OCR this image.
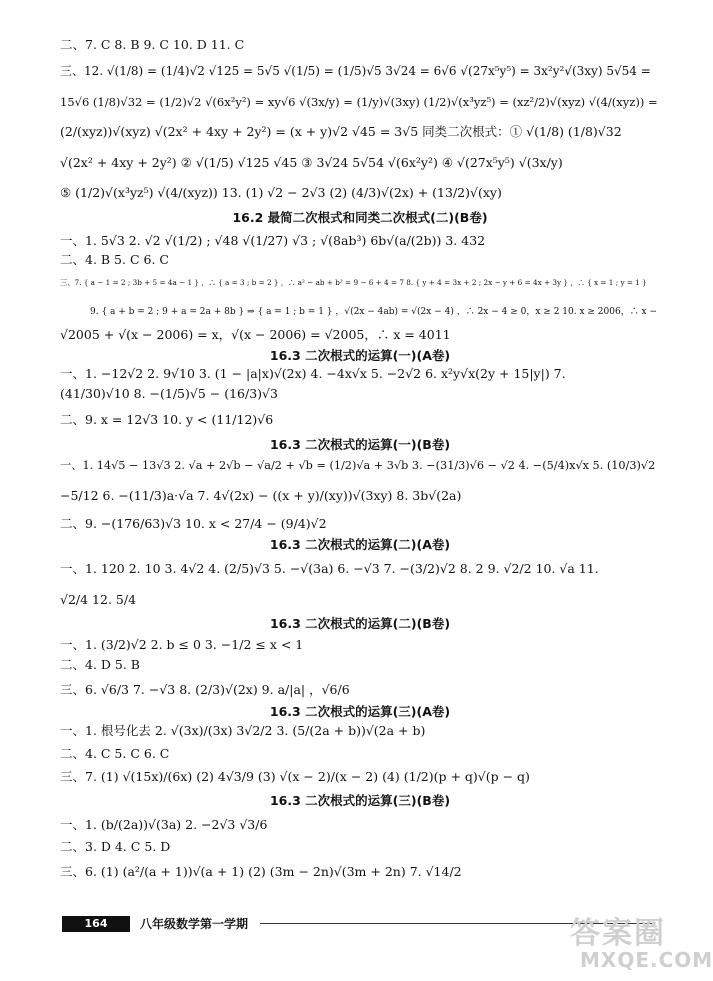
二、7. C 8. B 9. C 10. D 11. C
三、12. √(1/8) = (1/4)√2 √125 = 5√5 √(1/5) = (1/5)√5 3√24 = 6√6 √(27x⁵y⁵) = 3x²y²√(3xy) 5√54 =
15√6 (1/8)√32 = (1/2)√2 √(6x²y²) = xy√6 √(3x/y) = (1/y)√(3xy) (1/2)√(x³yz⁵) = (xz²/2)√(xyz) √(4/(xyz)) =
(2/(xyz))√(xyz) √(2x² + 4xy + 2y²) = (x + y)√2 √45 = 3√5 同类二次根式：① √(1/8) (1/8)√32
√(2x² + 4xy + 2y²) ② √(1/5) √125 √45 ③ 3√24 5√54 √(6x²y²) ④ √(27x⁵y⁵) √(3x/y)
⑤ (1/2)√(x³yz⁵) √(4/(xyz)) 13. (1) √2 − 2√3 (2) (4/3)√(2x) + (13/2)√(xy)
16.2 最简二次根式和同类二次根式(二)(B卷)
一、1. 5√3 2. √2 √(1/2) ; √48 √(1/27) √3 ; √(8ab³) 6b√(a/(2b)) 3. 432
二、4. B 5. C 6. C
三、7. { a − 1 = 2 ; 3b + 5 = 4a − 1 } ，∴ { a = 3 ; b = 2 } ，∴ a² − ab + b² = 9 − 6 + 4 = 7 8. { y + 4 = 3x + 2 ; 2x − y + 6 = 4x + 3y } ，∴ { x = 1 ; y = 1 }
9. { a + b = 2 ; 9 + a = 2a + 8b } ⇒ { a = 1 ; b = 1 } ，√(2x − 4ab) = √(2x − 4) ，∴ 2x − 4 ≥ 0，x ≥ 2 10. x ≥ 2006，∴ x −
√2005 + √(x − 2006) = x，√(x − 2006) = √2005，∴ x = 4011
16.3 二次根式的运算(一)(A卷)
一、1. −12√2 2. 9√10 3. (1 − |a|x)√(2x) 4. −4x√x 5. −2√2 6. x²y√x(2y + 15|y|) 7.
(41/30)√10 8. −(1/5)√5 − (16/3)√3
二、9. x = 12√3 10. y < (11/12)√6
16.3 二次根式的运算(一)(B卷)
一、1. 14√5 − 13√3 2. √a + 2√b − √a/2 + √b = (1/2)√a + 3√b 3. −(31/3)√6 − √2 4. −(5/4)x√x 5. (10/3)√2
−5/12 6. −(11/3)a·√a 7. 4√(2x) − ((x + y)/(xy))√(3xy) 8. 3b√(2a)
二、9. −(176/63)√3 10. x < 27/4 − (9/4)√2
16.3 二次根式的运算(二)(A卷)
一、1. 120 2. 10 3. 4√2 4. (2/5)√3 5. −√(3a) 6. −√3 7. −(3/2)√2 8. 2 9. √2/2 10. √a 11.
√2/4 12. 5/4
16.3 二次根式的运算(二)(B卷)
一、1. (3/2)√2 2. b ≤ 0 3. −1/2 ≤ x < 1
二、4. D 5. B
三、6. √6/3 7. −√3 8. (2/3)√(2x) 9. a/|a| ，√6/6
16.3 二次根式的运算(三)(A卷)
一、1. 根号化去 2. √(3x)/(3x) 3√2/2 3. (5/(2a + b))√(2a + b)
二、4. C 5. C 6. C
三、7. (1) √(15x)/(6x) (2) 4√3/9 (3) √(x − 2)/(x − 2) (4) (1/2)(p + q)√(p − q)
16.3 二次根式的运算(三)(B卷)
一、1. (b/(2a))√(3a) 2. −2√3 √3/6
二、3. D 4. C 5. D
三、6. (1) (a²/(a + 1))√(a + 1) (2) (3m − 2n)√(3m + 2n) 7. √14/2
164	八年级数学第一学期	答案圈
MXQE.COM
